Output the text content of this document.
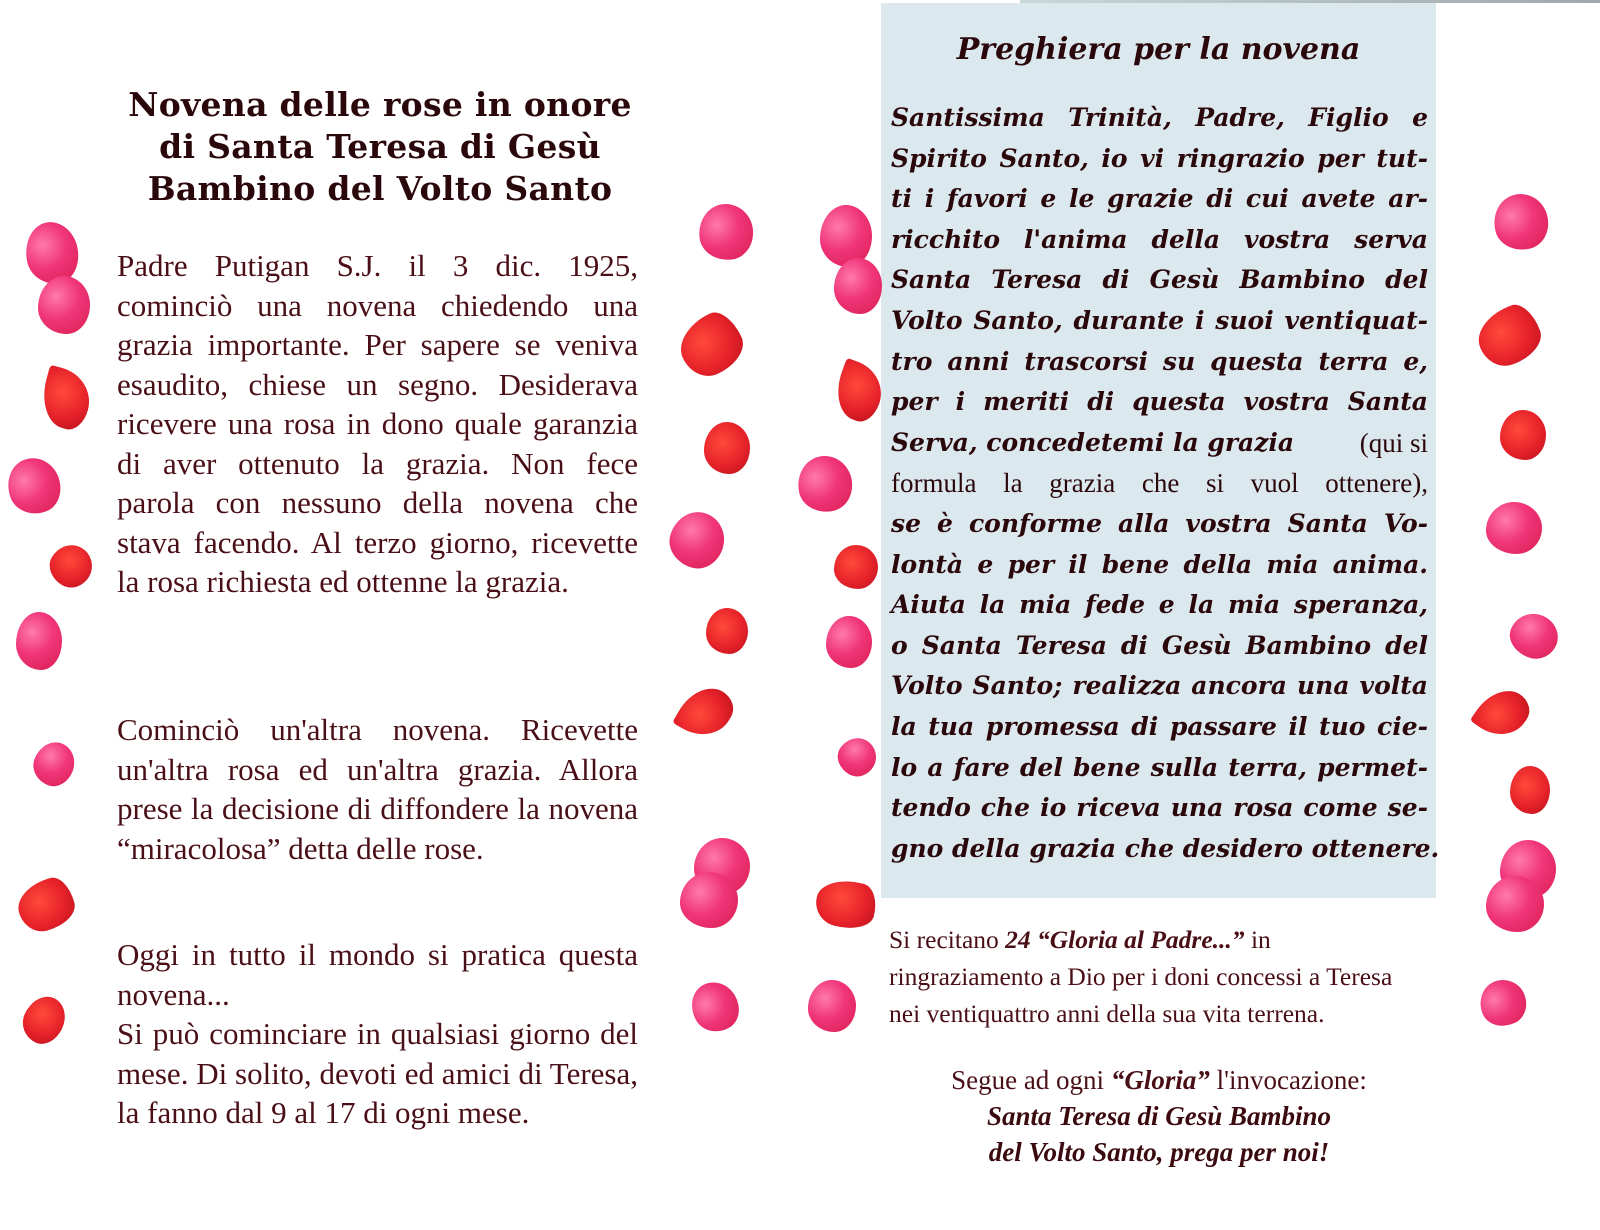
Novena delle rose in onore
di Santa Teresa di Gesù
Bambino del Volto Santo

Padre Putigan S.J. il 3 dic. 1925, cominciò una novena chiedendo una grazia importante. Per sapere se veniva esaudito, chiese un segno. Desiderava ricevere una rosa in dono quale garanzia di aver ottenuto la grazia. Non fece parola con nessuno della novena che stava facendo. Al terzo giorno, ricevette la rosa richiesta ed ottenne la grazia.

Cominciò un'altra novena. Ricevette un'altra rosa ed un'altra grazia. Allora prese la decisione di diffondere la novena “miracolosa” detta delle rose.

Oggi in tutto il mondo si pratica questa novena...

Si può cominciare in qualsiasi giorno del mese. Di solito, devoti ed amici di Teresa, la fanno dal 9 al 17 di ogni mese.

Preghiera per la novena
Santissima Trinità, Padre, Figlio e
Spirito Santo, io vi ringrazio per tut-
ti i favori e le grazie di cui avete ar-
ricchito l'anima della vostra serva
Santa Teresa di Gesù Bambino del
Volto Santo, durante i suoi ventiquat-
tro anni trascorsi su questa terra e,
per i meriti di questa vostra Santa
Serva, concedetemi la grazia (qui si
formula la grazia che si vuol ottenere),
se è conforme alla vostra Santa Vo-
lontà e per il bene della mia anima.
Aiuta la mia fede e la mia speranza,
o Santa Teresa di Gesù Bambino del
Volto Santo; realizza ancora una volta
la tua promessa di passare il tuo cie-
lo a fare del bene sulla terra, permet-
tendo che io riceva una rosa come se-
gno della grazia che desidero ottenere.
Si recitano 24 “Gloria al Padre...” in ringraziamento a Dio per i doni concessi a Teresa nei ventiquattro anni della sua vita terrena.
Segue ad ogni “Gloria” l'invocazione:
Santa Teresa di Gesù Bambino
del Volto Santo, prega per noi!
